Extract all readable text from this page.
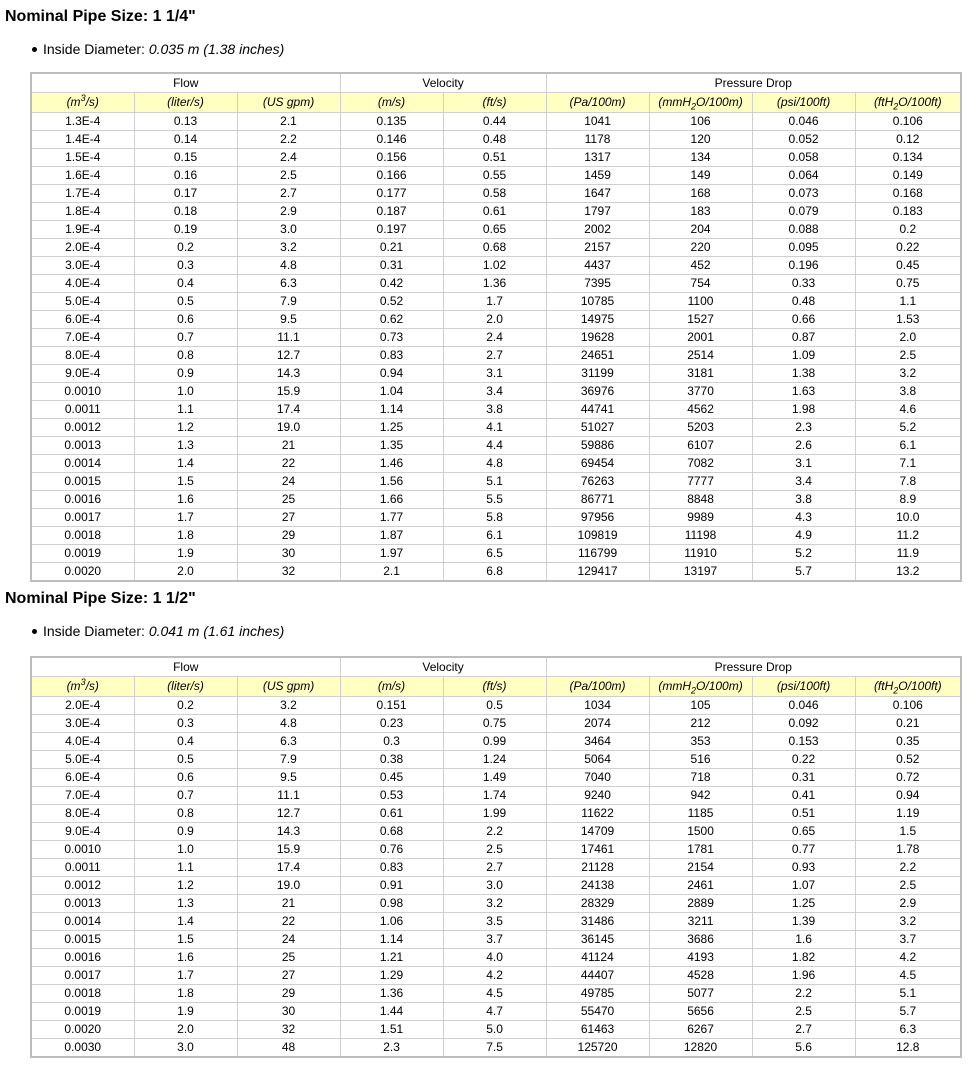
Nominal Pipe Size: 1 1/4"
Inside Diameter: 0.035 m (1.38 inches)
Flow			Velocity		Pressure Drop			
$(m^3/s)$	(liter/s)	(US gpm)	(m/s)	(ft/s)	(Pa/100m)	(mmH$_2$O/100m)	(psi/100ft)	(ftH$_2$O/100ft)
1.3E-4	0.13	2.1	0.135	0.44	1041	106	0.046	0.106
1.4E-4	0.14	2.2	0.146	0.48	1178	120	0.052	0.12
1.5E-4	0.15	2.4	0.156	0.51	1317	134	0.058	0.134
1.6E-4	0.16	2.5	0.166	0.55	1459	149	0.064	0.149
1.7E-4	0.17	2.7	0.177	0.58	1647	168	0.073	0.168
1.8E-4	0.18	2.9	0.187	0.61	1797	183	0.079	0.183
1.9E-4	0.19	3.0	0.197	0.65	2002	204	0.088	0.2
2.0E-4	0.2	3.2	0.21	0.68	2157	220	0.095	0.22
3.0E-4	0.3	4.8	0.31	1.02	4437	452	0.196	0.45
4.0E-4	0.4	6.3	0.42	1.36	7395	754	0.33	0.75
5.0E-4	0.5	7.9	0.52	1.7	10785	1100	0.48	1.1
6.0E-4	0.6	9.5	0.62	2.0	14975	1527	0.66	1.53
7.0E-4	0.7	11.1	0.73	2.4	19628	2001	0.87	2.0
8.0E-4	0.8	12.7	0.83	2.7	24651	2514	1.09	2.5
9.0E-4	0.9	14.3	0.94	3.1	31199	3181	1.38	3.2
0.0010	1.0	15.9	1.04	3.4	36976	3770	1.63	3.8
0.0011	1.1	17.4	1.14	3.8	44741	4562	1.98	4.6
0.0012	1.2	19.0	1.25	4.1	51027	5203	2.3	5.2
0.0013	1.3	21	1.35	4.4	59886	6107	2.6	6.1
0.0014	1.4	22	1.46	4.8	69454	7082	3.1	7.1
0.0015	1.5	24	1.56	5.1	76263	7777	3.4	7.8
0.0016	1.6	25	1.66	5.5	86771	8848	3.8	8.9
0.0017	1.7	27	1.77	5.8	97956	9989	4.3	10.0
0.0018	1.8	29	1.87	6.1	109819	11198	4.9	11.2
0.0019	1.9	30	1.97	6.5	116799	11910	5.2	11.9
0.0020	2.0	32	2.1	6.8	129417	13197	5.7	13.2
Nominal Pipe Size: 1 1/2"
Inside Diameter: 0.041 m (1.61 inches)
Flow			Velocity		Pressure Drop			
$(m^3/s)$	(liter/s)	(US gpm)	(m/s)	(ft/s)	(Pa/100m)	(mmH$_2$O/100m)	(psi/100ft)	(ftH$_2$O/100ft)
2.0E-4	0.2	3.2	0.151	0.5	1034	105	0.046	0.106
3.0E-4	0.3	4.8	0.23	0.75	2074	212	0.092	0.21
4.0E-4	0.4	6.3	0.3	0.99	3464	353	0.153	0.35
5.0E-4	0.5	7.9	0.38	1.24	5064	516	0.22	0.52
6.0E-4	0.6	9.5	0.45	1.49	7040	718	0.31	0.72
7.0E-4	0.7	11.1	0.53	1.74	9240	942	0.41	0.94
8.0E-4	0.8	12.7	0.61	1.99	11622	1185	0.51	1.19
9.0E-4	0.9	14.3	0.68	2.2	14709	1500	0.65	1.5
0.0010	1.0	15.9	0.76	2.5	17461	1781	0.77	1.78
0.0011	1.1	17.4	0.83	2.7	21128	2154	0.93	2.2
0.0012	1.2	19.0	0.91	3.0	24138	2461	1.07	2.5
0.0013	1.3	21	0.98	3.2	28329	2889	1.25	2.9
0.0014	1.4	22	1.06	3.5	31486	3211	1.39	3.2
0.0015	1.5	24	1.14	3.7	36145	3686	1.6	3.7
0.0016	1.6	25	1.21	4.0	41124	4193	1.82	4.2
0.0017	1.7	27	1.29	4.2	44407	4528	1.96	4.5
0.0018	1.8	29	1.36	4.5	49785	5077	2.2	5.1
0.0019	1.9	30	1.44	4.7	55470	5656	2.5	5.7
0.0020	2.0	32	1.51	5.0	61463	6267	2.7	6.3
0.0030	3.0	48	2.3	7.5	125720	12820	5.6	12.8
